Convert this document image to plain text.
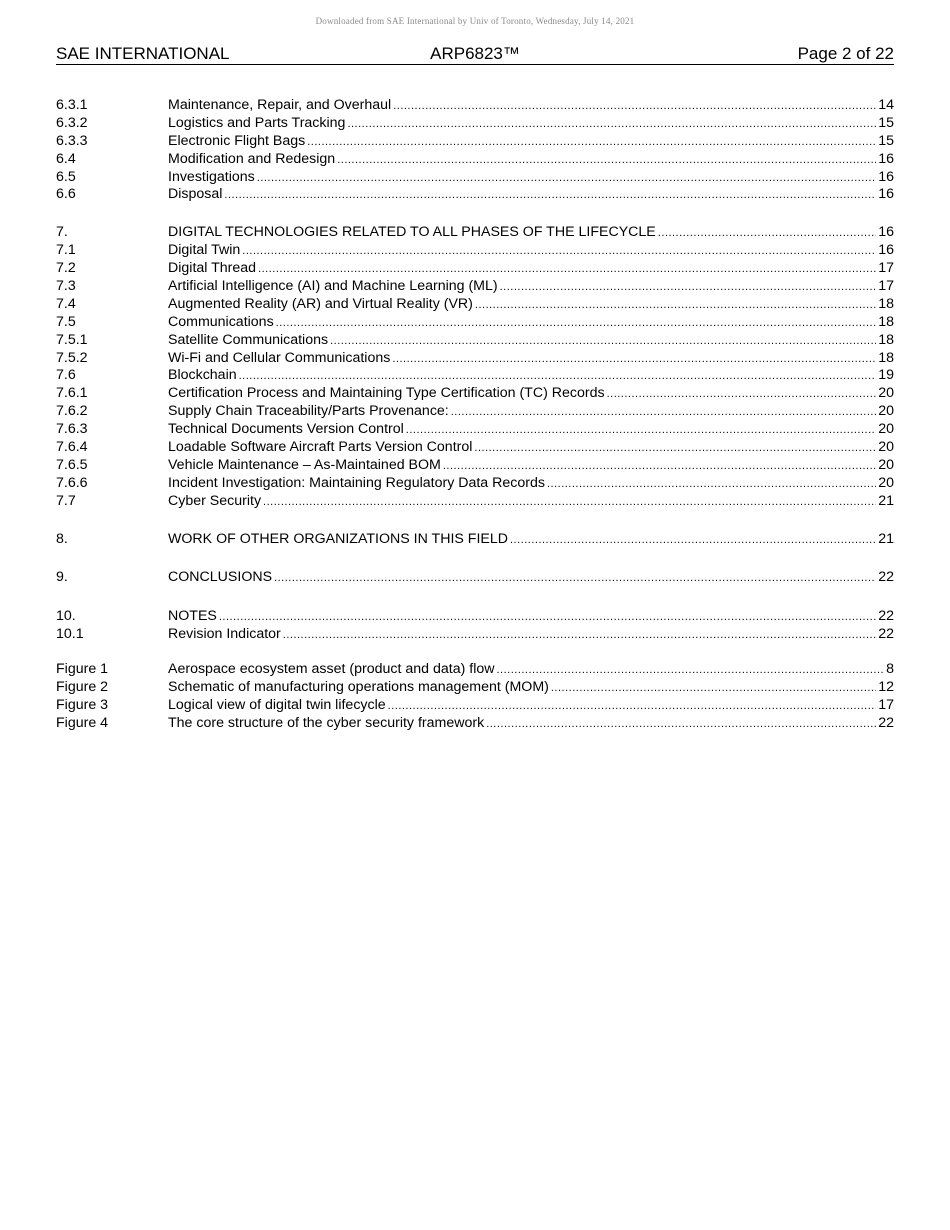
Downloaded from SAE International by Univ of Toronto, Wednesday, July 14, 2021
SAE INTERNATIONAL	ARP6823™	Page 2 of 22
6.3.1	Maintenance, Repair, and Overhaul .....	14
6.3.2	Logistics and Parts Tracking .....	15
6.3.3	Electronic Flight Bags .....	15
6.4	Modification and Redesign .....	16
6.5	Investigations .....	16
6.6	Disposal .....	16
7.	DIGITAL TECHNOLOGIES RELATED TO ALL PHASES OF THE LIFECYCLE .....	16
7.1	Digital Twin .....	16
7.2	Digital Thread .....	17
7.3	Artificial Intelligence (AI) and Machine Learning (ML) .....	17
7.4	Augmented Reality (AR) and Virtual Reality (VR) .....	18
7.5	Communications .....	18
7.5.1	Satellite Communications .....	18
7.5.2	Wi-Fi and Cellular Communications .....	18
7.6	Blockchain .....	19
7.6.1	Certification Process and Maintaining Type Certification (TC) Records .....	20
7.6.2	Supply Chain Traceability/Parts Provenance: .....	20
7.6.3	Technical Documents Version Control .....	20
7.6.4	Loadable Software Aircraft Parts Version Control .....	20
7.6.5	Vehicle Maintenance – As-Maintained BOM .....	20
7.6.6	Incident Investigation: Maintaining Regulatory Data Records .....	20
7.7	Cyber Security .....	21
8.	WORK OF OTHER ORGANIZATIONS IN THIS FIELD .....	21
9.	CONCLUSIONS .....	22
10.	NOTES .....	22
10.1	Revision Indicator .....	22
Figure 1	Aerospace ecosystem asset (product and data) flow .....	8
Figure 2	Schematic of manufacturing operations management (MOM) .....	12
Figure 3	Logical view of digital twin lifecycle .....	17
Figure 4	The core structure of the cyber security framework .....	22
